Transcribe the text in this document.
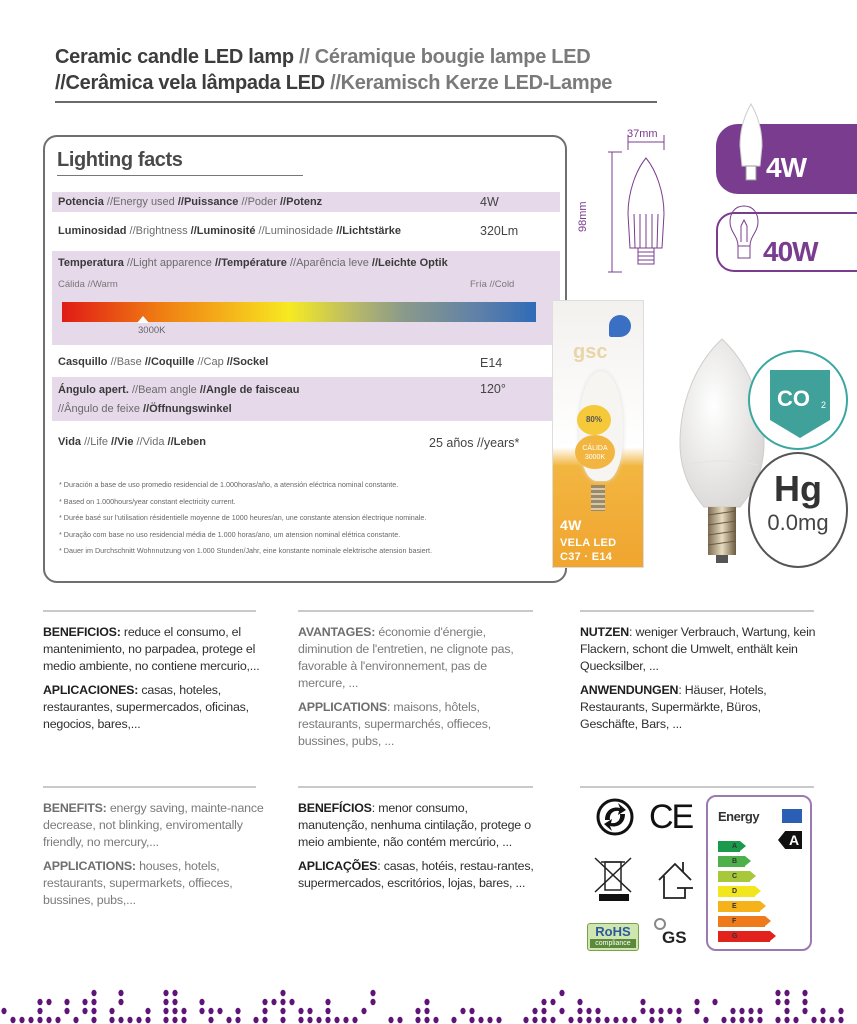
Ceramic candle LED lamp // Céramique bougie lampe LED
//Cerâmica vela lâmpada LED //Keramisch Kerze LED-Lampe
Lighting facts
Potencia //Energy used //Puissance //Poder //Potenz	4W
Luminosidad //Brightness //Luminosité //Luminosidade //Lichtstärke	320Lm
Temperatura //Light apparence //Température //Aparência leve //Leichte Optik
Cálida //Warm	Fría //Cold
3000K
Casquillo //Base //Coquille //Cap //Sockel	E14
Ángulo apert. //Beam angle //Angle de faisceau
//Ângulo de feixe //Öffnungswinkel
120°
Vida //Life //Vie //Vida //Leben	25 años //years*
* Duración a base de uso promedio residencial de 1.000horas/año, a atensión eléctrica nominal constante.
* Based on 1.000hours/year constant electricity current.
* Durée basé sur l'utilisation résidentielle moyenne de 1000 heures/an, une constante atension électrique nominale.
* Duração com base no uso residencial média de 1.000 horas/ano, um atension nominal elétrica constante.
* Dauer im Durchschnitt Wohnnutzung von 1.000 Stunden/Jahr, eine konstante nominale elektrische atension basiert.
37mm
98mm
4W
40W
gsc
80%
CÁLIDA
3000K
4W
VELA LED
C37 · E14
CO 2
Hg
0.0mg

BENEFICIOS: reduce el consumo, el mantenimiento, no parpadea, protege el medio ambiente, no contiene mercurio,...

APLICACIONES: casas, hoteles, restaurantes, supermercados, oficinas, negocios, bares,...

AVANTAGES: économie d'énergie, diminution de l'entretien, ne clignote pas, favorable à l'environnement, pas de mercure, ...

APPLICATIONS: maisons, hôtels, restaurants, supermarchés, offieces, bussines, pubs, ...

NUTZEN: weniger Verbrauch, Wartung, kein Flackern, schont die Umwelt, enthält kein Quecksilber, ...

ANWENDUNGEN: Häuser, Hotels, Restaurants, Supermärkte, Büros, Geschäfte, Bars, ...

BENEFITS: energy saving, mainte-nance decrease, not blinking, enviromentally friendly, no mercury,...

APPLICATIONS: houses, hotels, restaurants, supermarkets, offieces, bussines, pubs,...

BENEFÍCIOS: menor consumo, manutenção, nenhuma cintilação, protege o meio ambiente, não contém mercúrio, ...

APLICAÇÕES: casas, hotéis, restau-rantes, supermercados, escritórios, lojas, bares, ...

CE
RoHS
compliance	GS
Energy
A
A
B
C
D
E
F
G
